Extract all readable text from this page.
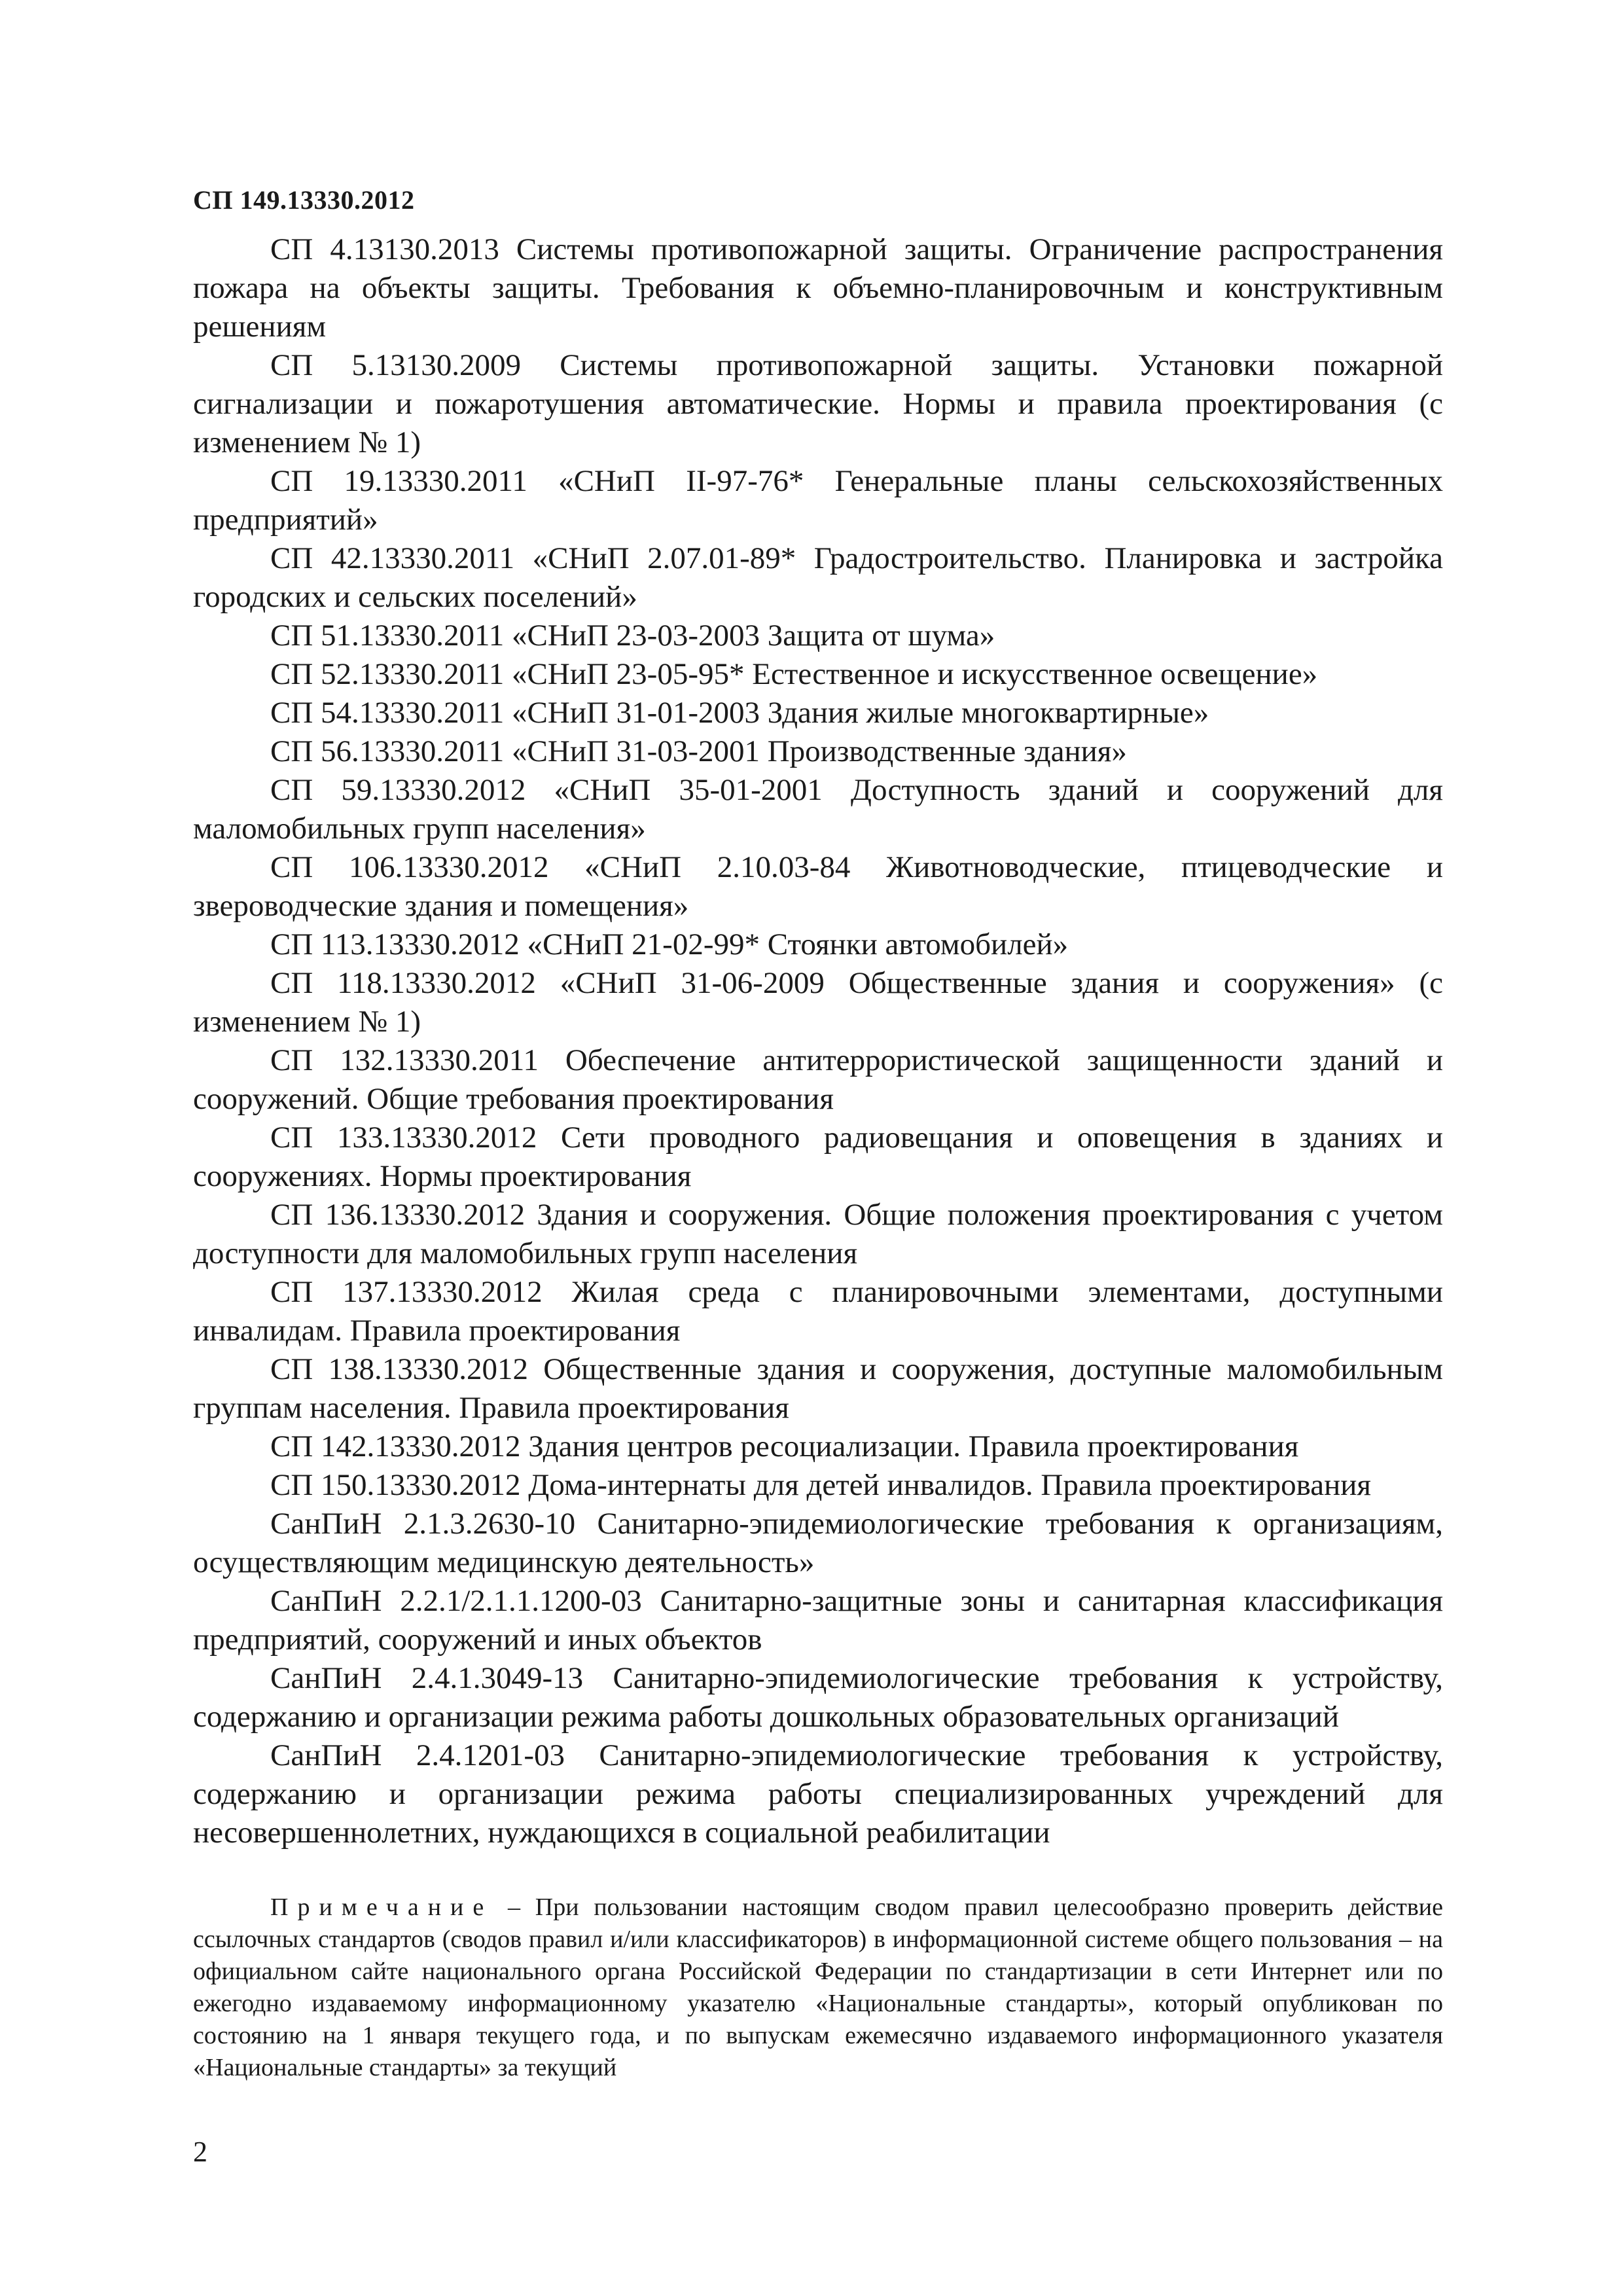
СП 149.13330.2012

СП 4.13130.2013 Системы противопожарной защиты. Ограничение распространения пожара на объекты защиты. Требования к объемно-планировочным и конструктивным решениям

СП 5.13130.2009 Системы противопожарной защиты. Установки пожарной сигнализации и пожаротушения автоматические. Нормы и правила проектирования (с изменением № 1)

СП 19.13330.2011 «СНиП II-97-76* Генеральные планы сельскохозяйственных предприятий»

СП 42.13330.2011 «СНиП 2.07.01-89* Градостроительство. Планировка и застройка городских и сельских поселений»

СП 51.13330.2011 «СНиП 23-03-2003 Защита от шума»

СП 52.13330.2011 «СНиП 23-05-95* Естественное и искусственное освещение»

СП 54.13330.2011 «СНиП 31-01-2003 Здания жилые многоквартирные»

СП 56.13330.2011 «СНиП 31-03-2001 Производственные здания»

СП 59.13330.2012 «СНиП 35-01-2001 Доступность зданий и сооружений для маломобильных групп населения»

СП 106.13330.2012 «СНиП 2.10.03-84 Животноводческие, птицеводческие и звероводческие здания и помещения»

СП 113.13330.2012 «СНиП 21-02-99* Стоянки автомобилей»

СП 118.13330.2012 «СНиП 31-06-2009 Общественные здания и сооружения» (с изменением № 1)

СП 132.13330.2011 Обеспечение антитеррористической защищенности зданий и сооружений. Общие требования проектирования

СП 133.13330.2012 Сети проводного радиовещания и оповещения в зданиях и сооружениях. Нормы проектирования

СП 136.13330.2012 Здания и сооружения. Общие положения проектирования с учетом доступности для маломобильных групп населения

СП 137.13330.2012 Жилая среда с планировочными элементами, доступными инвалидам. Правила проектирования

СП 138.13330.2012 Общественные здания и сооружения, доступные маломобильным группам населения. Правила проектирования

СП 142.13330.2012 Здания центров ресоциализации. Правила проектирования

СП 150.13330.2012 Дома-интернаты для детей инвалидов. Правила проектирования

СанПиН 2.1.3.2630-10 Санитарно-эпидемиологические требования к организациям, осуществляющим медицинскую деятельность»

СанПиН 2.2.1/2.1.1.1200-03 Санитарно-защитные зоны и санитарная классификация предприятий, сооружений и иных объектов

СанПиН 2.4.1.3049-13 Санитарно-эпидемиологические требования к устройству, содержанию и организации режима работы дошкольных образовательных организаций

СанПиН 2.4.1201-03 Санитарно-эпидемиологические требования к устройству, содержанию и организации режима работы специализированных учреждений для несовершеннолетних, нуждающихся в социальной реабилитации

Примечание – При пользовании настоящим сводом правил целесообразно проверить действие ссылочных стандартов (сводов правил и/или классификаторов) в информационной системе общего пользования – на официальном сайте национального органа Российской Федерации по стандартизации в сети Интернет или по ежегодно издаваемому информационному указателю «Национальные стандарты», который опубликован по состоянию на 1 января текущего года, и по выпускам ежемесячно издаваемого информационного указателя «Национальные стандарты» за текущий

2
